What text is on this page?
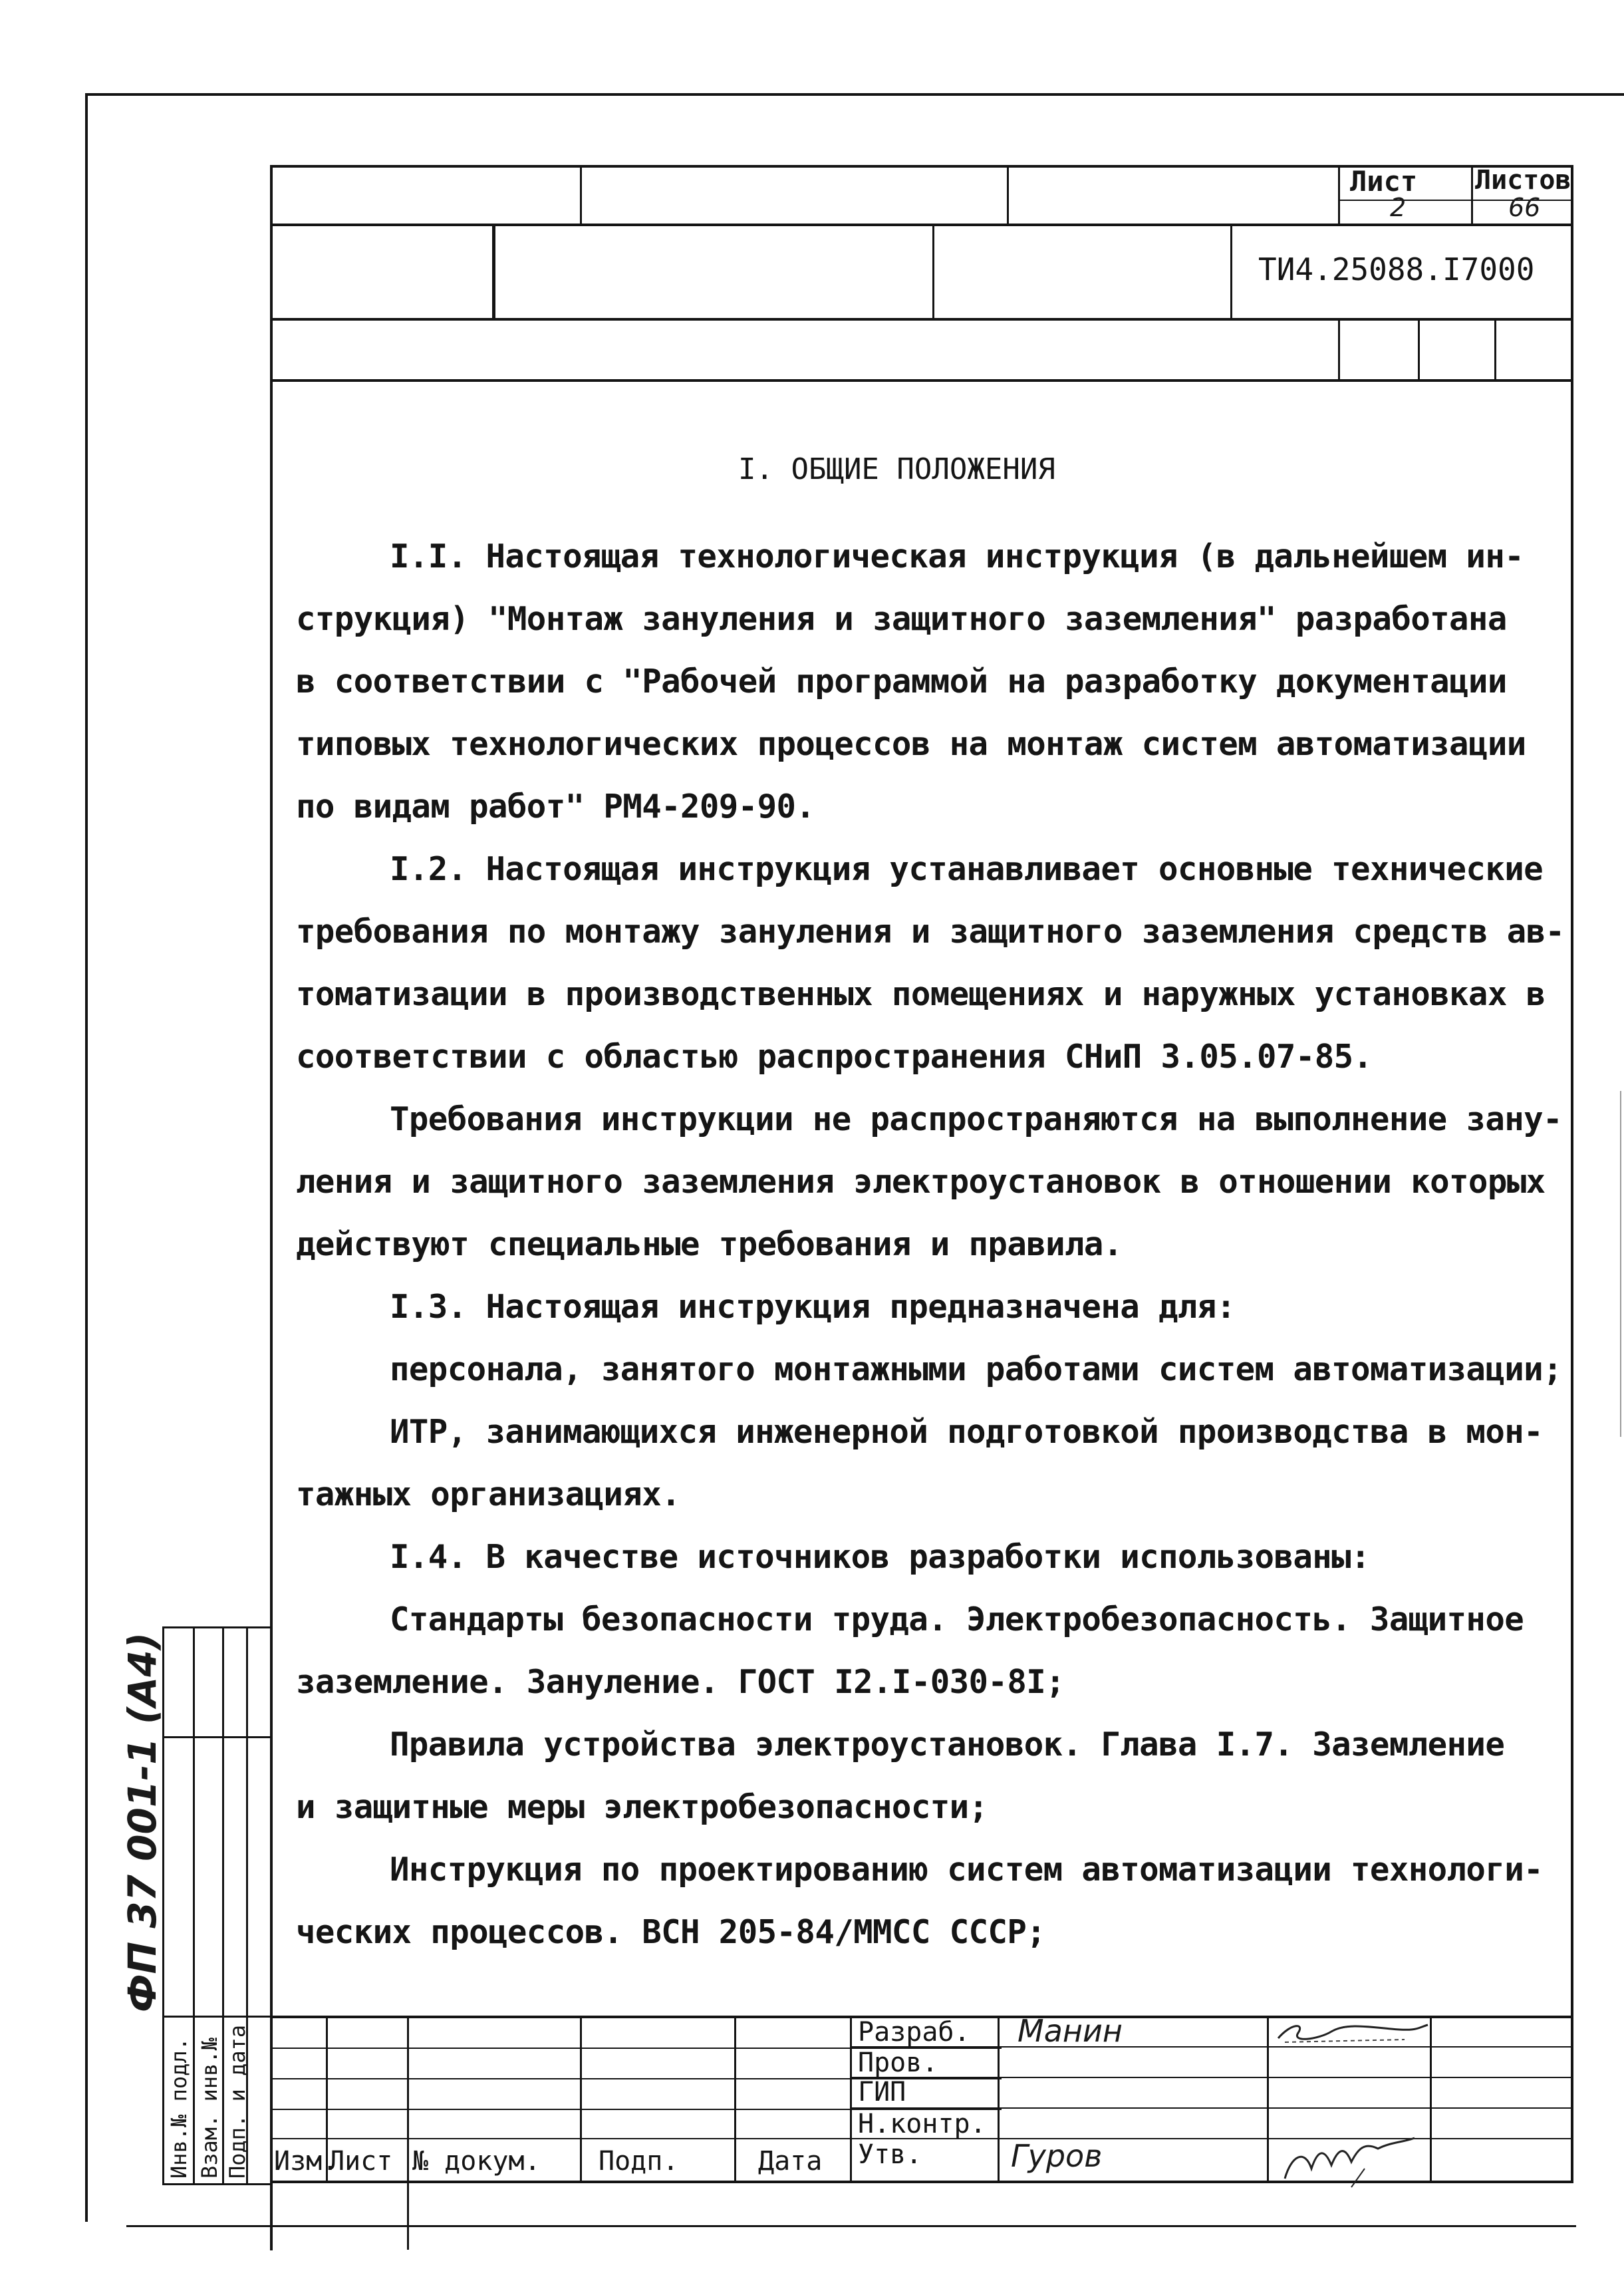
Лист Листов
2	66
ТИ4.25088.I7000
I. ОБЩИЕ ПОЛОЖЕНИЯ
I.I. Настоящая технологическая инструкция (в дальнейшем ин-
струкция) "Монтаж зануления и защитного заземления" разработана
в соответствии с "Рабочей программой на разработку документации
типовых технологических процессов на монтаж систем автоматизации
по видам работ" РМ4-209-90.
I.2. Настоящая инструкция устанавливает основные технические
требования по монтажу зануления и защитного заземления средств ав-
томатизации в производственных помещениях и наружных установках в
соответствии с областью распространения СНиП 3.05.07-85.
Требования инструкции не распространяются на выполнение зану-
ления и защитного заземления электроустановок в отношении которых
действуют специальные требования и правила.
I.3. Настоящая инструкция предназначена для:
персонала, занятого монтажными работами систем автоматизации;
ИТР, занимающихся инженерной подготовкой производства в мон-
тажных организациях.
I.4. В качестве источников разработки использованы:
Стандарты безопасности труда. Электробезопасность. Защитное
заземление. Зануление. ГОСТ I2.I-030-8I;
Правила устройства электроустановок. Глава I.7. Заземление
и защитные меры электробезопасности;
Инструкция по проектированию систем автоматизации технологи-
ческих процессов. ВСН 205-84/ММСС СССР;
Инв.№ подл. Взам. инв.№ Подп. и дата
ФП 37 001-1 (А4)
Разраб.
Пров.
ГИП
Н.контр.
Утв.
Манин
Гуров
Изм.
Лист № докум. Подп.	Дата
